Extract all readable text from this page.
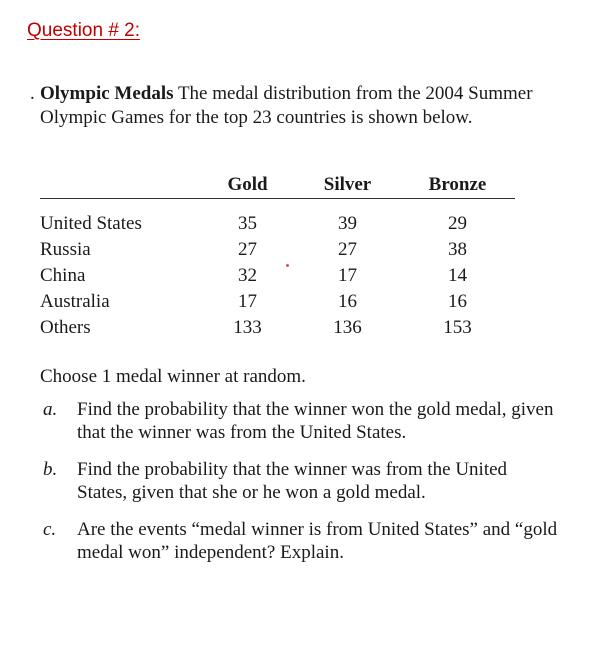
Question # 2:
. Olympic Medals The medal distribution from the 2004 Summer Olympic Games for the top 23 countries is shown below.
	Gold	Silver	Bronze
United States	35	39	29
Russia	27	27	38
China	32	17	14
Australia	17	16	16
Others	133	136	153
Choose 1 medal winner at random.
a. Find the probability that the winner won the gold medal, given that the winner was from the United States.
b. Find the probability that the winner was from the United States, given that she or he won a gold medal.
c. Are the events “medal winner is from United States” and “gold medal won” independent? Explain.
